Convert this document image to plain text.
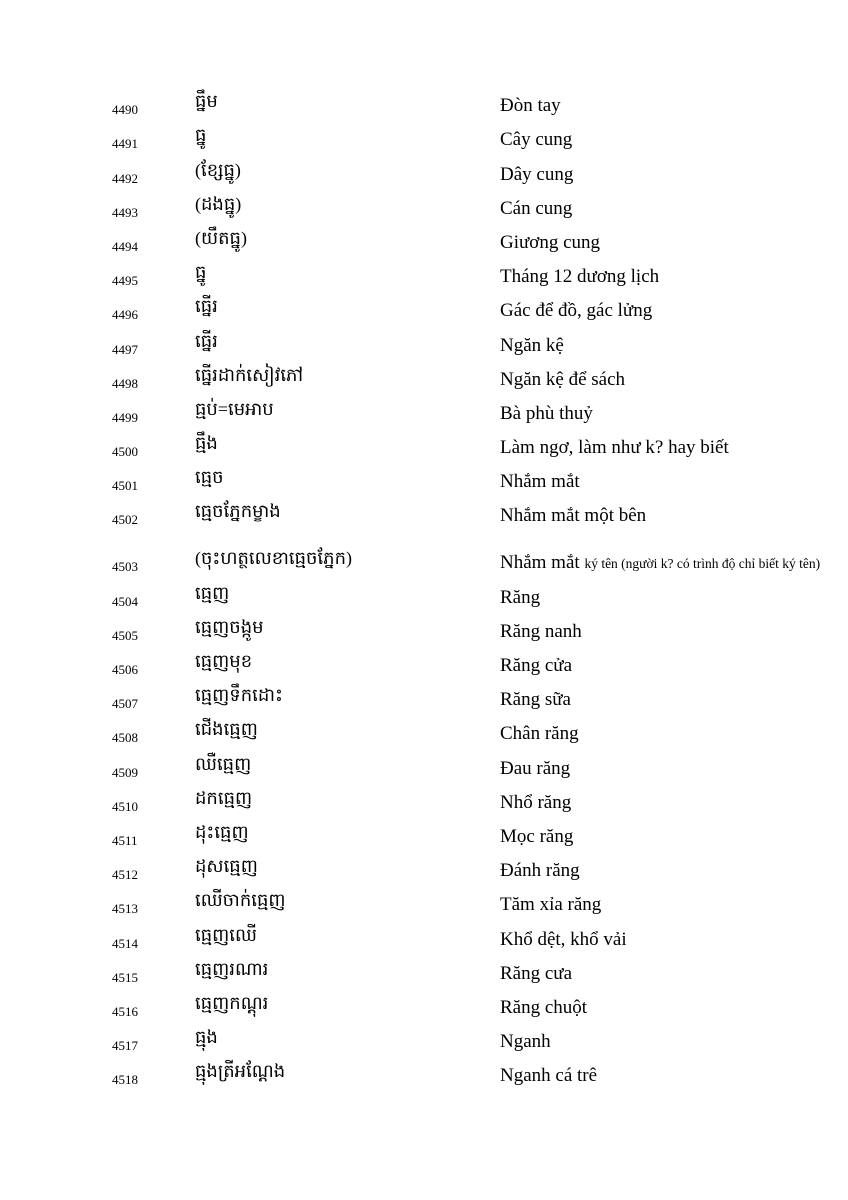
4490	ធ្នឹម	Đòn tay
4491	ធ្នូ	Cây cung
4492	(ខ្សែធ្នូ)	Dây cung
4493	(ដងធ្នូ)	Cán cung
4494	(យឹតធ្នូ)	Giương cung
4495	ធ្នូ	Tháng 12 dương lịch
4496	ធ្នើរ	Gác để đồ, gác lửng
4497	ធ្នើរ	Ngăn kệ
4498	ធ្នើរដាក់សៀវភៅ	Ngăn kệ để sách
4499	ធ្មប់=មេអាប	Bà phù thuỷ
4500	ធ្មឹង	Làm ngơ, làm như k? hay biết
4501	ធ្មេច	Nhắm mắt
4502	ធ្មេចភ្នែកម្ខាង	Nhắm mắt một bên
4503	(ចុះហត្ថលេខាធ្មេចភ្នែក)	Nhắm mắt ký tên (người k? có trình độ chỉ biết ký tên)
4504	ធ្មេញ	Răng
4505	ធ្មេញចង្កូម	Răng nanh
4506	ធ្មេញមុខ	Răng cửa
4507	ធ្មេញទឹកដោះ	Răng sữa
4508	ជើងធ្មេញ	Chân răng
4509	ឈឺធ្មេញ	Đau răng
4510	ដកធ្មេញ	Nhổ răng
4511	ដុះធ្មេញ	Mọc răng
4512	ដុសធ្មេញ	Đánh răng
4513	ឈើចាក់ធ្មេញ	Tăm xỉa răng
4514	ធ្មេញឈើ	Khổ dệt, khổ vải
4515	ធ្មេញរណារ	Răng cưa
4516	ធ្មេញកណ្ដុរ	Răng chuột
4517	ធ្មុង	Nganh
4518	ធ្មុងត្រីអណ្ដែង	Nganh cá trê
